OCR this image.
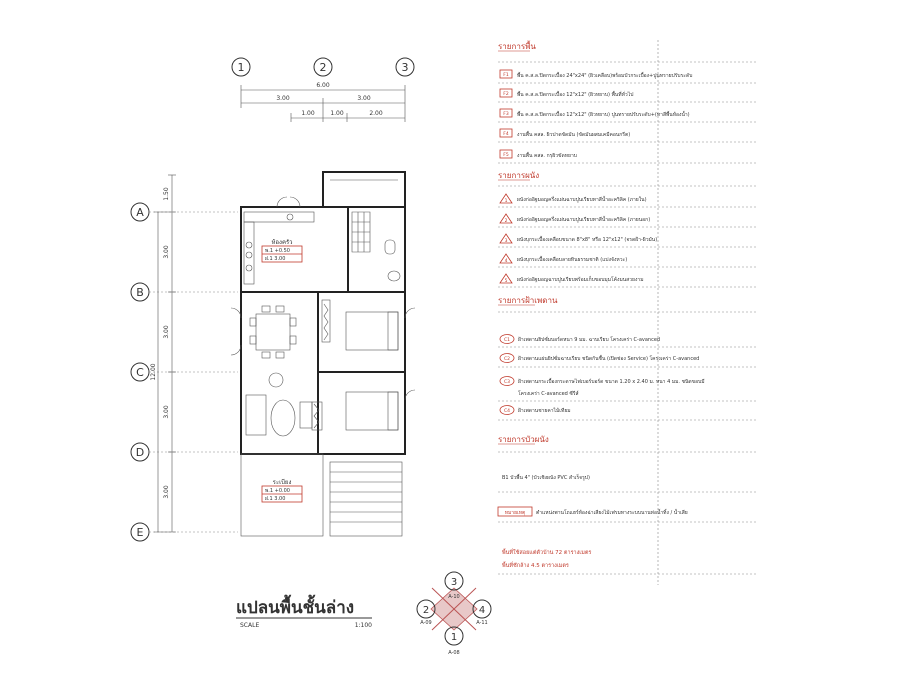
1	2	3
6.00
3.00	3.00
1.00	1.00	2.00
A
B
C
D
E
1.50
3.00
3.00
3.00
3.00
12.00
ห้องครัว
พ.1 +0.50
ฝ.1 3.00
ระเบียง
พ.1 +0.00
ฝ.1 3.00
แปลนพื้นชั้นล่าง
SCALE	1:100
3
2	4
1
A-10
A-09	A-11
A-08
รายการพื้น
F1 พื้น ค.ส.ล.ปิดกระเบื้อง 24"x24" (ผิวเคลือบ)พร้อมบัวกระเบื้อง+ปูนทรายปรับระดับ
F2 พื้น ค.ส.ล.ปิดกระเบื้อง 12"x12" (ผิวหยาบ) พื้นที่ทั่วไป
F3 พื้น ค.ส.ล.ปิดกระเบื้อง 12"x12" (ผิวหยาบ) ปูนทรายปรับระดับ+(ทาสีพื้นห้องน้ำ)
F4 งานพื้น คสล. ผิวปาดขัดมัน (ขัดมันผสมเคมีคอนกรีต)
F5 งานพื้น คสล. กรุผิวขัดหยาบ
รายการผนัง
1 ผนังก่ออิฐมอญครึ่งแผ่นฉาบปูนเรียบทาสีน้ำอะคริลิค (ภายใน)
2 ผนังก่ออิฐมอญครึ่งแผ่นฉาบปูนเรียบทาสีน้ำอะคริลิค (ภายนอก)
3 ผนังบุกระเบื้องเคลือบขนาด 8"x8" หรือ 12"x12" (จรดฝ้า-ผิวมัน)
4 ผนังบุกระเบื้องเคลือบลายหินธรรมชาติ (แบ่งจังหวะ)
5 ผนังก่ออิฐมอญฉาบปูนเรียบพร้อมเก็บขอบมุมโค้งมนสวยงาม
รายการฝ้าเพดาน
C1 ฝ้าเพดานยิปซั่มบอร์ดหนา 9 มม. ฉาบเรียบ โครงเคร่า C-avanced
C2 ฝ้าเพดานแผ่นยิปซั่มฉาบเรียบ ชนิดกันชื้น (เปิดช่อง Service) โครงเคร่า C-avanced
C3 ฝ้าเพดานกระเบื้องกระดาษไฟเบอร์บอร์ด ขนาด 1.20 x 2.40 ม. หนา 4 มม. ชนิดขอบมี
โครงเคร่า C-avanced ซีรีส์
C4 ฝ้าเพดานชายคาไม้เทียม
รายการบัวผนัง
B1 บัวพื้น 4" (บัวเชิงผนัง PVC สำเร็จรูป)
หมายเหตุ ตำแหน่งพานโถแฮร์ห้องฉ่าเสียงไม้เฟรมทางระบบนานท่อน้ำทิ้ง / น้ำเสีย
พื้นที่ใช้สอยแต่ตัวบ้าน 72 ตารางเมตร
พื้นที่ชักล้าง 4.5 ตารางเมตร
